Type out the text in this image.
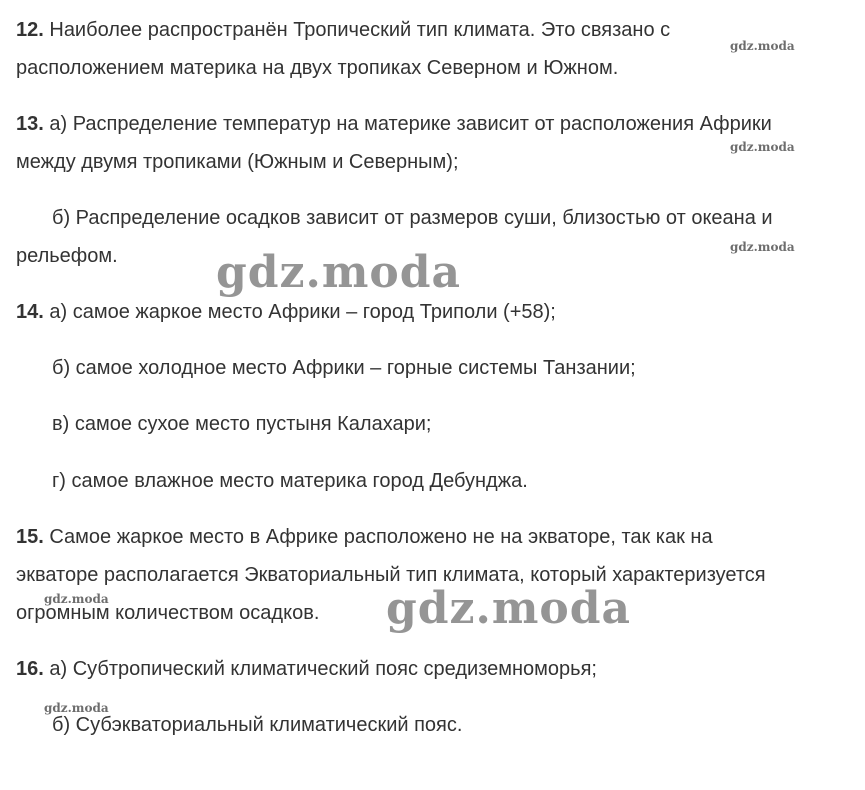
12. Наиболее распространён Тропический тип климата. Это связано с
расположением материка на двух тропиках Северном и Южном.
13. а) Распределение температур на материке зависит от расположения Африки
между двумя тропиками (Южным и Северным);
б) Распределение осадков зависит от размеров суши, близостью от океана и
рельефом.
14. а) самое жаркое место Африки – город Триполи (+58);
б) самое холодное место Африки – горные системы Танзании;
в) самое сухое место пустыня Калахари;
г) самое влажное место материка город Дебунджа.
15. Самое жаркое место в Африке расположено не на экваторе, так как на
экваторе располагается Экваториальный тип климата, который характеризуется
огромным количеством осадков.
16. а) Субтропический климатический пояс средиземноморья;
б) Субэкваториальный климатический пояс.
gdz.moda
gdz.moda
gdz.moda
gdz.moda
gdz.moda
gdz.moda
gdz.moda
